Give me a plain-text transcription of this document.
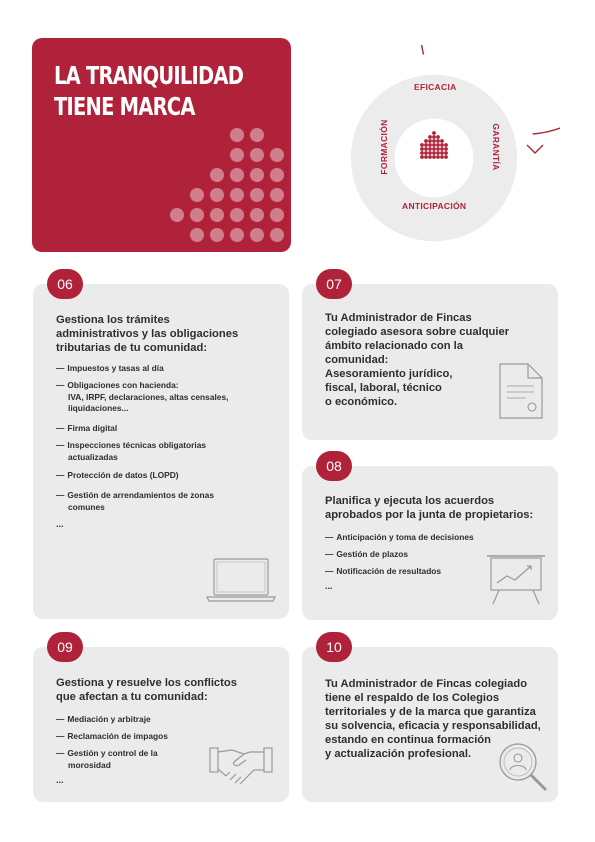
LA TRANQUILIDAD
TIENE MARCA
EFICACIA
GARANTÍA
ANTICIPACIÓN
FORMACIÓN
06
Gestiona los trámites
administrativos y las obligaciones
tributarias de tu comunidad:
— Impuestos y tasas al día
— Obligaciones con hacienda:
IVA, IRPF, declaraciones, altas censales,
liquidaciones...
— Firma digital
— Inspecciones técnicas obligatorias
actualizadas
— Protección de datos (LOPD)
— Gestión de arrendamientos de zonas
comunes
...
07
Tu Administrador de Fincas
colegiado asesora sobre cualquier
ámbito relacionado con la
comunidad:
Asesoramiento jurídico,
fiscal, laboral, técnico
o económico.
08
Planifica y ejecuta los acuerdos
aprobados por la junta de propietarios:
— Anticipación y toma de decisiones
— Gestión de plazos
— Notificación de resultados
...
09
Gestiona y resuelve los conflictos
que afectan a tu comunidad:
— Mediación y arbitraje
— Reclamación de impagos
— Gestión y control de la
morosidad
...
10
Tu Administrador de Fincas colegiado
tiene el respaldo de los Colegios
territoriales y de la marca que garantiza
su solvencia, eficacia y responsabilidad,
estando en continua formación
y actualización profesional.
